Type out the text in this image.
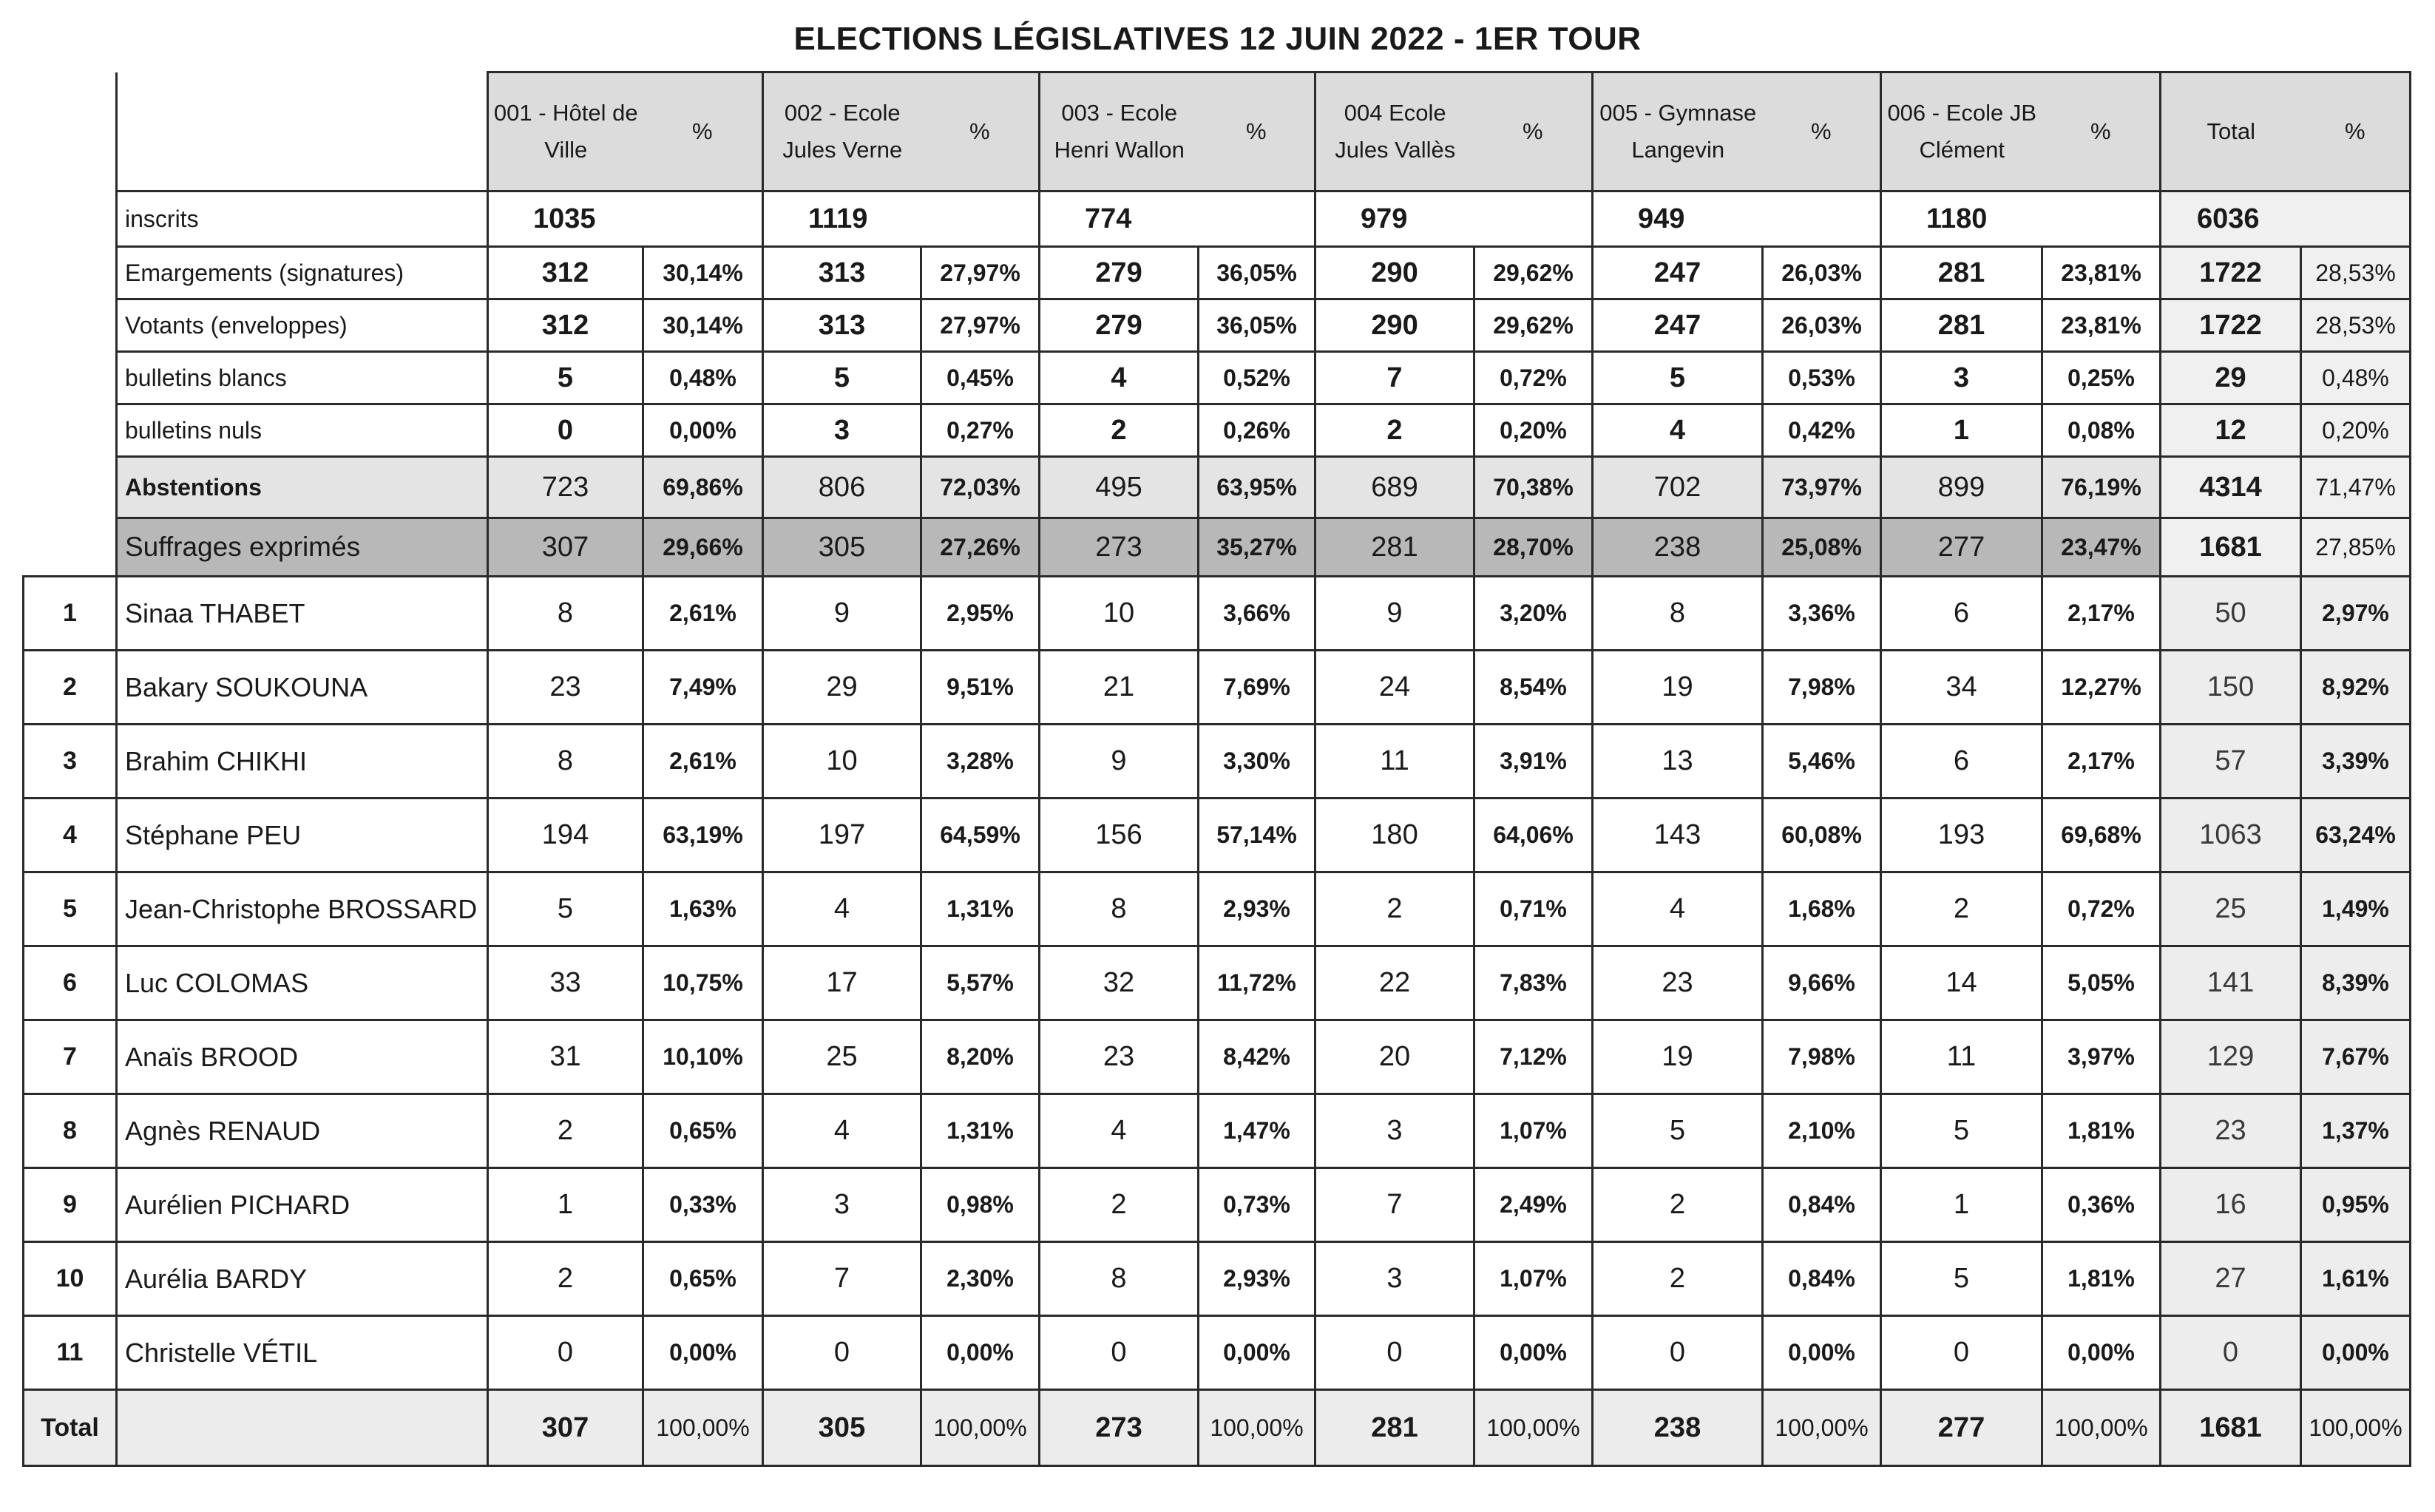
ELECTIONS LÉGISLATIVES 12 JUIN 2022 - 1ER TOUR
		001 - Hôtel de Ville	%	002 - Ecole Jules Verne	%	003 - Ecole Henri Wallon	%	004 Ecole Jules Vallès	%	005 - Gymnase Langevin	%	006 - Ecole JB Clément	%	Total	%
	inscrits	1035		1119		774		979		949		1180		6036	
	Emargements (signatures)	312	30,14%	313	27,97%	279	36,05%	290	29,62%	247	26,03%	281	23,81%	1722	28,53%
	Votants (enveloppes)	312	30,14%	313	27,97%	279	36,05%	290	29,62%	247	26,03%	281	23,81%	1722	28,53%
	bulletins blancs	5	0,48%	5	0,45%	4	0,52%	7	0,72%	5	0,53%	3	0,25%	29	0,48%
	bulletins nuls	0	0,00%	3	0,27%	2	0,26%	2	0,20%	4	0,42%	1	0,08%	12	0,20%
	Abstentions	723	69,86%	806	72,03%	495	63,95%	689	70,38%	702	73,97%	899	76,19%	4314	71,47%
	Suffrages exprimés	307	29,66%	305	27,26%	273	35,27%	281	28,70%	238	25,08%	277	23,47%	1681	27,85%
1	Sinaa THABET	8	2,61%	9	2,95%	10	3,66%	9	3,20%	8	3,36%	6	2,17%	50	2,97%
2	Bakary SOUKOUNA	23	7,49%	29	9,51%	21	7,69%	24	8,54%	19	7,98%	34	12,27%	150	8,92%
3	Brahim CHIKHI	8	2,61%	10	3,28%	9	3,30%	11	3,91%	13	5,46%	6	2,17%	57	3,39%
4	Stéphane PEU	194	63,19%	197	64,59%	156	57,14%	180	64,06%	143	60,08%	193	69,68%	1063	63,24%
5	Jean-Christophe BROSSARD	5	1,63%	4	1,31%	8	2,93%	2	0,71%	4	1,68%	2	0,72%	25	1,49%
6	Luc COLOMAS	33	10,75%	17	5,57%	32	11,72%	22	7,83%	23	9,66%	14	5,05%	141	8,39%
7	Anaïs BROOD	31	10,10%	25	8,20%	23	8,42%	20	7,12%	19	7,98%	11	3,97%	129	7,67%
8	Agnès RENAUD	2	0,65%	4	1,31%	4	1,47%	3	1,07%	5	2,10%	5	1,81%	23	1,37%
9	Aurélien PICHARD	1	0,33%	3	0,98%	2	0,73%	7	2,49%	2	0,84%	1	0,36%	16	0,95%
10	Aurélia BARDY	2	0,65%	7	2,30%	8	2,93%	3	1,07%	2	0,84%	5	1,81%	27	1,61%
11	Christelle VÉTIL	0	0,00%	0	0,00%	0	0,00%	0	0,00%	0	0,00%	0	0,00%	0	0,00%
Total		307	100,00%	305	100,00%	273	100,00%	281	100,00%	238	100,00%	277	100,00%	1681	100,00%
